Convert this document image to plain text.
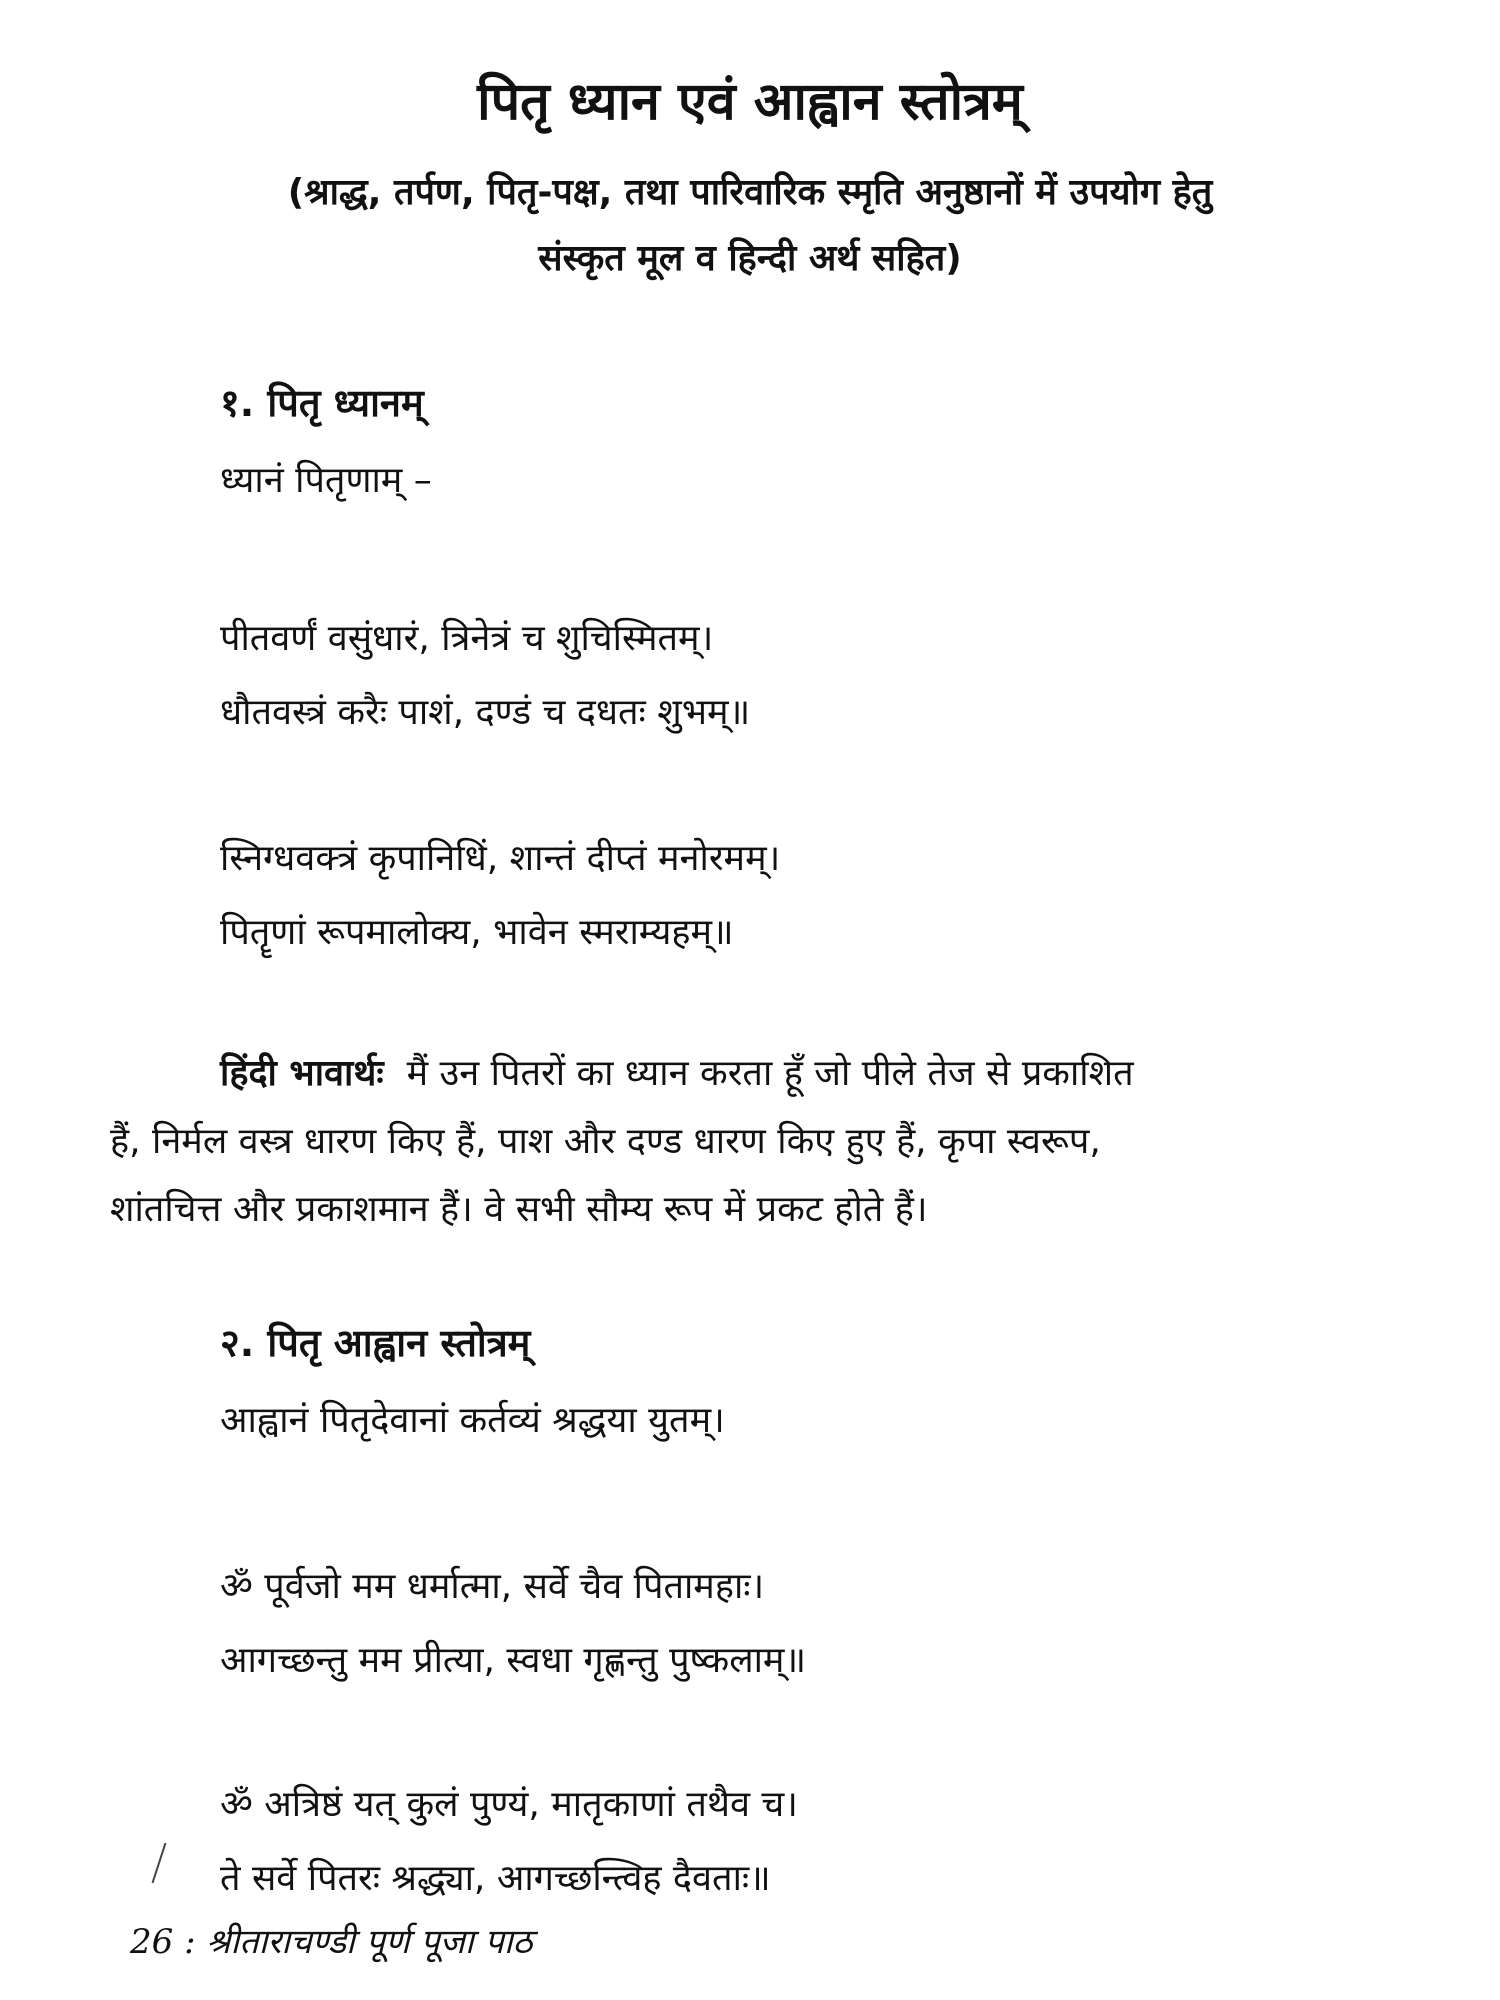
पितृ ध्यान एवं आह्वान स्तोत्रम्
(श्राद्ध, तर्पण, पितृ-पक्ष, तथा पारिवारिक स्मृति अनुष्ठानों में उपयोग हेतु
संस्कृत मूल व हिन्दी अर्थ सहित)
१. पितृ ध्यानम्
ध्यानं पितृणाम् –
पीतवर्णं वसुंधारं, त्रिनेत्रं च शुचिस्मितम्।
धौतवस्त्रं करैः पाशं, दण्डं च दधतः शुभम्॥
स्निग्धवक्त्रं कृपानिधिं, शान्तं दीप्तं मनोरमम्।
पितॄणां रूपमालोक्य, भावेन स्मराम्यहम्॥
हिंदी भावार्थः मैं उन पितरों का ध्यान करता हूँ जो पीले तेज से प्रकाशित
हैं, निर्मल वस्त्र धारण किए हैं, पाश और दण्ड धारण किए हुए हैं, कृपा स्वरूप,
शांतचित्त और प्रकाशमान हैं। वे सभी सौम्य रूप में प्रकट होते हैं।
२. पितृ आह्वान स्तोत्रम्
आह्वानं पितृदेवानां कर्तव्यं श्रद्धया युतम्।
ॐ पूर्वजो मम धर्मात्मा, सर्वे चैव पितामहाः।
आगच्छन्तु मम प्रीत्या, स्वधा गृह्णन्तु पुष्कलाम्॥
ॐ अत्रिष्ठं यत् कुलं पुण्यं, मातृकाणां तथैव च।
ते सर्वे पितरः श्रद्ध्या, आगच्छन्त्विह दैवताः॥
26 : श्रीताराचण्डी पूर्ण पूजा पाठ
